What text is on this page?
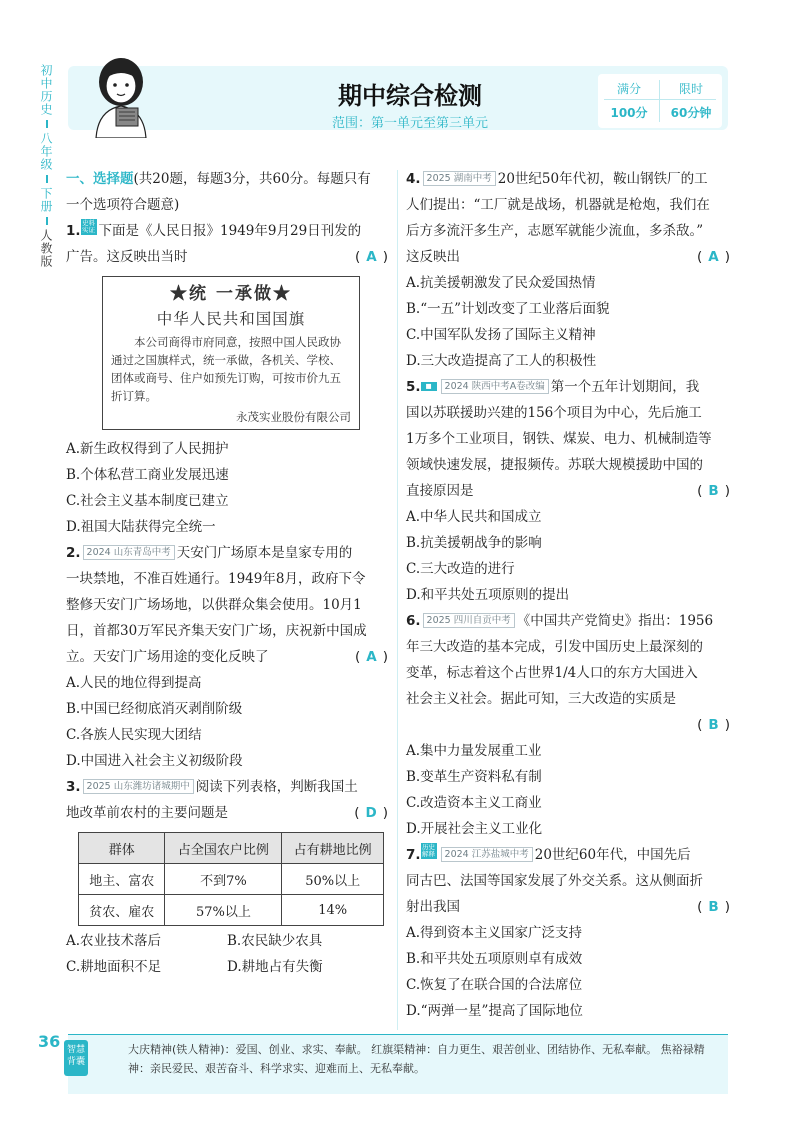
初中历史
八年级
下册
人教版
期中综合检测
范围：第一单元至第三单元
满分	限时
100分	60分钟

一、选择题(共20题，每题3分，共60分。每题只有

一个选项符合题意)

1. 史料实证 下面是《人民日报》1949年9月29日刊发的

广告。这反映出当时	( A )

★统 一承做★
中华人民共和国国旗
本公司商得市府同意，按照中国人民政协通过之国旗样式，统一承做，各机关、学校、团体或商号、住户如预先订购，可按市价九五折订算。
永茂实业股份有限公司

A.新生政权得到了人民拥护

B.个体私营工商业发展迅速

C.社会主义基本制度已建立

D.祖国大陆获得完全统一

2. 2024 山东青岛中考 天安门广场原本是皇家专用的

一块禁地，不准百姓通行。1949年8月，政府下令

整修天安门广场场地，以供群众集会使用。10月1

日，首都30万军民齐集天安门广场，庆祝新中国成

立。天安门广场用途的变化反映了	( A )

A.人民的地位得到提高

B.中国已经彻底消灭剥削阶级

C.各族人民实现大团结

D.中国进入社会主义初级阶段

3. 2025 山东潍坊诸城期中 阅读下列表格，判断我国土

地改革前农村的主要问题是	( D )

群体	占全国农户比例	占有耕地比例
地主、富农	不到7%	50%以上
贫农、雇农	57%以上	14%
A.农业技术落后	B.农民缺少农具
C.耕地面积不足	D.耕地占有失衡

4. 2025 湖南中考 20世纪50年代初，鞍山钢铁厂的工

人们提出：“工厂就是战场，机器就是枪炮，我们在

后方多流汗多生产，志愿军就能少流血，多杀敌。”

这反映出	( A )

A.抗美援朝激发了民众爱国热情

B.“一五”计划改变了工业落后面貌

C.中国军队发扬了国际主义精神

D.三大改造提高了工人的积极性

5. ■ 2024 陕西中考A卷改编 第一个五年计划期间，我

国以苏联援助兴建的156个项目为中心，先后施工

1万多个工业项目，钢铁、煤炭、电力、机械制造等

领域快速发展，捷报频传。苏联大规模援助中国的

直接原因是	( B )

A.中华人民共和国成立

B.抗美援朝战争的影响

C.三大改造的进行

D.和平共处五项原则的提出

6. 2025 四川自贡中考 《中国共产党简史》指出：1956

年三大改造的基本完成，引发中国历史上最深刻的

变革，标志着这个占世界1/4人口的东方大国进入

社会主义社会。据此可知，三大改造的实质是

( B )

A.集中力量发展重工业

B.变革生产资料私有制

C.改造资本主义工商业

D.开展社会主义工业化

7. 历史解释 2024 江苏盐城中考 20世纪60年代，中国先后

同古巴、法国等国家发展了外交关系。这从侧面折

射出我国	( B )

A.得到资本主义国家广泛支持

B.和平共处五项原则卓有成效

C.恢复了在联合国的合法席位

D.“两弹一星”提高了国际地位

36 智慧背囊
大庆精神(铁人精神)：爱国、创业、求实、奉献。 红旗渠精神：自力更生、艰苦创业、团结协作、无私奉献。 焦裕禄精神：亲民爱民、艰苦奋斗、科学求实、迎难而上、无私奉献。
